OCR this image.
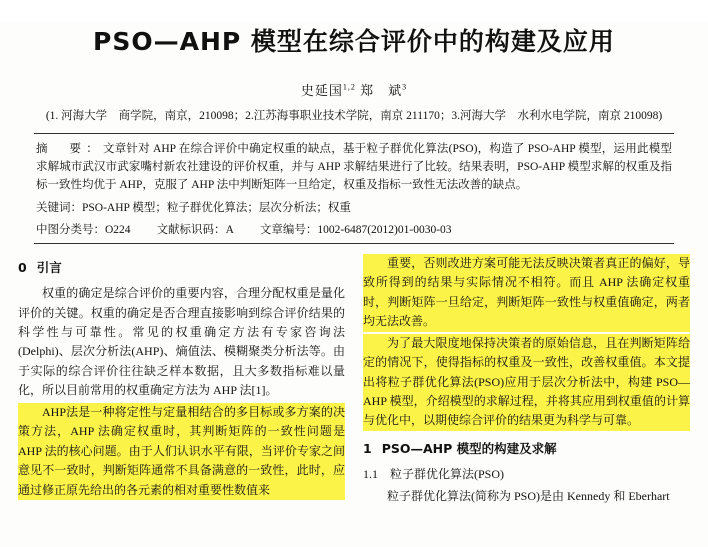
PSO—AHP 模型在综合评价中的构建及应用
史延国$^{1,2}$ 郑　斌$^3$
(1. 河海大学　商学院，南京，210098；2.江苏海事职业技术学院，南京 211170；3.河海大学　水利水电学院，南京 210098)
摘　要：文章针对 AHP 在综合评价中确定权重的缺点，基于粒子群优化算法(PSO)，构造了 PSO-AHP 模型，运用此模型求解城市武汉市武家嘴村新农社建设的评价权重，并与 AHP 求解结果进行了比较。结果表明，PSO-AHP 模型求解的权重及指标一致性均优于 AHP，克服了 AHP 法中判断矩阵一旦给定，权重及指标一致性无法改善的缺点。
关键词：PSO-AHP 模型；粒子群优化算法；层次分析法；权重
中图分类号：O224 文献标识码：A 文章编号：1002-6487(2012)01-0030-03
0 引言

权重的确定是综合评价的重要内容，合理分配权重是量化评价的关键。权重的确定是否合理直接影响到综合评价结果的科学性与可靠性。常见的权重确定方法有专家咨询法(Delphi)、层次分析法(AHP)、熵值法、模糊聚类分析法等。由于实际的综合评价往往缺乏样本数据，且大多数指标难以量化，所以目前常用的权重确定方法为 AHP 法[1]。

AHP法是一种将定性与定量相结合的多目标或多方案的决策方法，AHP 法确定权重时，其判断矩阵的一致性问题是 AHP 法的核心问题。由于人们认识水平有限，当评价专家之间意见不一致时，判断矩阵通常不具备满意的一致性，此时，应通过修正原先给出的各元素的相对重要性数值来

重要，否则改进方案可能无法反映决策者真正的偏好，导致所得到的结果与实际情况不相符。而且 AHP 法确定权重时，判断矩阵一旦给定，判断矩阵一致性与权重值确定，两者均无法改善。

为了最大限度地保持决策者的原始信息，且在判断矩阵给定的情况下，使得指标的权重及一致性，改善权重值。本文提出将粒子群优化算法(PSO)应用于层次分析法中，构建 PSO—AHP 模型，介绍模型的求解过程，并将其应用到权重值的计算与优化中，以期使综合评价的结果更为科学与可靠。

1 PSO—AHP 模型的构建及求解
1.1 粒子群优化算法(PSO)

粒子群优化算法(简称为 PSO)是由 Kennedy 和 Eberhart
